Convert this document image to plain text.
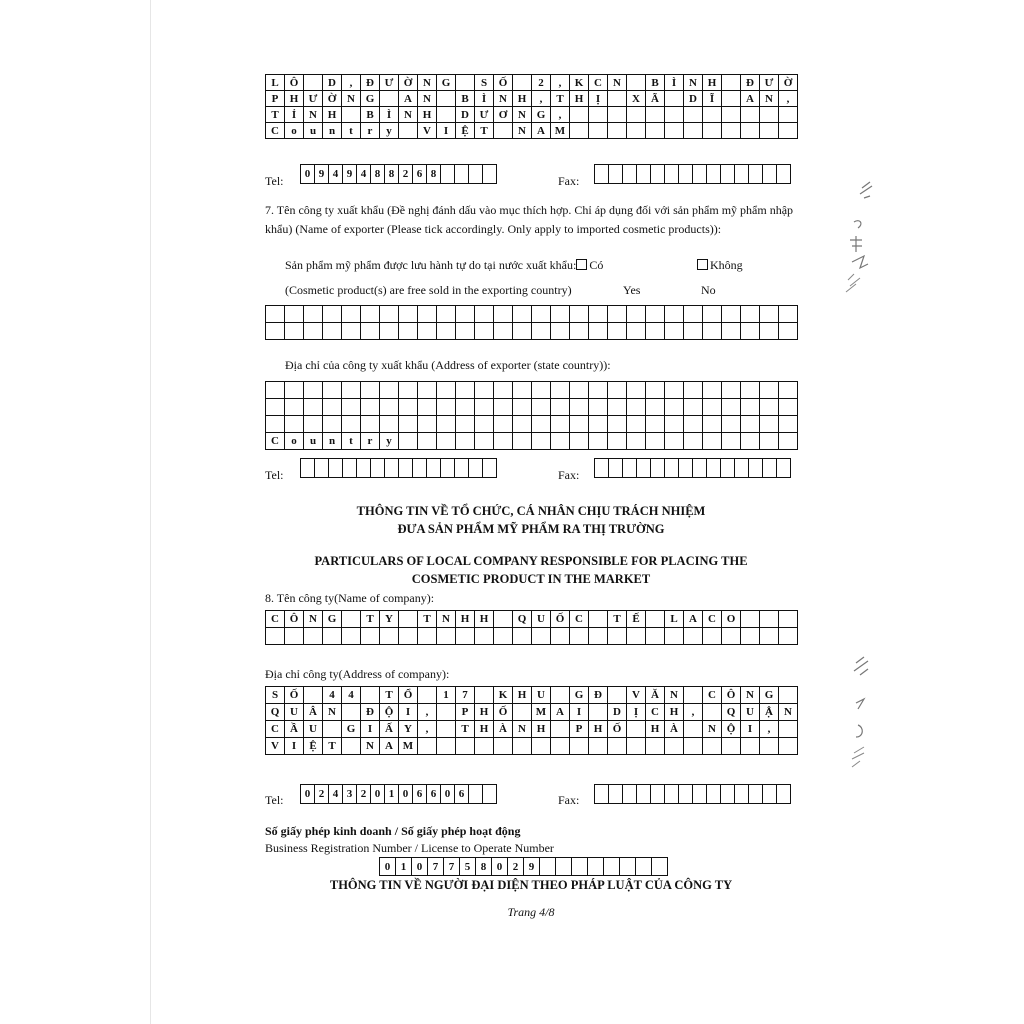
L	Ô	D	,	Đ Ư Ờ N G	S	Ố	2	,	K C	N	B	Ì	N H	Đ Ư Ờ
P	H Ư Ờ N G	A	N	B	Ì	N H	,	T	H	Ị	X	Ã	D	Ĩ	A	N	,
T	Ỉ	N H	B	Ì	N H	D Ư Ơ N G	,
C	o	u	n	t	r	y	V	I	Ệ	T	N	A M
Tel:	0 9 4 9 4 8 8 2 6 8	Fax:
7. Tên công ty xuất khẩu (Đề nghị đánh dấu vào mục thích hợp. Chỉ áp dụng đối với sản phẩm mỹ phẩm nhập khẩu) (Name of exporter (Please tick accordingly. Only apply to imported cosmetic products)):
Sản phẩm mỹ phẩm được lưu hành tự do tại nước xuất khẩu: Có	Không
(Cosmetic product(s) are free sold in the exporting country)	Yes	No
Địa chỉ của công ty xuất khẩu (Address of exporter (state country)):
C	o	u	n	t	r	y
Tel:	Fax:
THÔNG TIN VỀ TỔ CHỨC, CÁ NHÂN CHỊU TRÁCH NHIỆM
ĐƯA SẢN PHẨM MỸ PHẨM RA THỊ TRƯỜNG
PARTICULARS OF LOCAL COMPANY RESPONSIBLE FOR PLACING THE
COSMETIC PRODUCT IN THE MARKET
8. Tên công ty(Name of company):
C Ô N G	T	Y	T	N H H	Q U Ố C	T	Ế	L	A	C O
Địa chỉ công ty(Address of company):
S	Ố	4	4	T	Ổ	1	7	K H U	G Đ	V	Ă	N	C Ô N G
Q U	Â	N	Đ Ộ	I	,	P	H Ố	M A	I	D	Ị	C H	,	Q U	Ậ	N
C	Ầ	U	G	I	Ấ	Y	,	T	H À	N H	P	H Ố	H À	N Ộ	I	,
V	I	Ệ	T	N	A M
Tel:	0 2 4 3 2 0 1 0 6 6 0 6	Fax:
Số giấy phép kinh doanh / Số giấy phép hoạt động
Business Registration Number / License to Operate Number
0 1 0 7 7 5 8 0 2 9
THÔNG TIN VỀ NGƯỜI ĐẠI DIỆN THEO PHÁP LUẬT CỦA CÔNG TY
Trang 4/8
